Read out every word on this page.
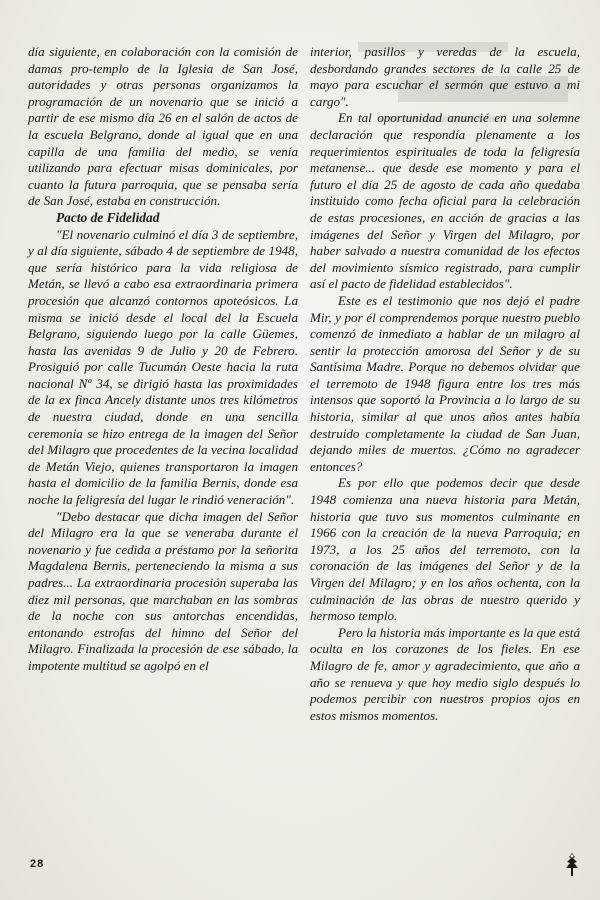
día siguiente, en colaboración con la comisión de damas pro-templo de la Iglesia de San José, autoridades y otras personas organizamos la programación de un novenario que se inició a partir de ese mismo día 26 en el salón de actos de la escuela Belgrano, donde al igual que en una capilla de una familia del medio, se venía utilizando para efectuar misas dominicales, por cuanto la futura parroquia, que se pensaba sería de San José, estaba en construcción.

Pacto de Fidelidad

"El novenario culminó el día 3 de septiembre, y al día siguiente, sábado 4 de septiembre de 1948, que sería histórico para la vida religiosa de Metán, se llevó a cabo esa extraordinaria primera procesión que alcanzó contornos apoteósicos. La misma se inició desde el local del la Escuela Belgrano, siguiendo luego por la calle Güemes, hasta las avenidas 9 de Julio y 20 de Febrero. Prosiguió por calle Tucumán Oeste hacia la ruta nacional Nº 34, se dirigió hasta las proximidades de la ex finca Ancely distante unos tres kilómetros de nuestra ciudad, donde en una sencilla ceremonia se hizo entrega de la imagen del Señor del Milagro que procedentes de la vecina localidad de Metán Viejo, quienes transportaron la imagen hasta el domicilio de la familia Bernis, donde esa noche la feligresía del lugar le rindió veneración".

"Debo destacar que dicha imagen del Señor del Milagro era la que se veneraba durante el novenario y fue cedida a préstamo por la señorita Magdalena Bernis, perteneciendo la misma a sus padres... La extraordinaria procesión superaba las diez mil personas, que marchaban en las sombras de la noche con sus antorchas encendidas, entonando estrofas del himno del Señor del Milagro. Finalizada la procesión de ese sábado, la impotente multitud se agolpó en el

interior, pasillos y veredas de la escuela, desbordando grandes sectores de la calle 25 de mayo para escuchar el sermón que estuvo a mi cargo".

En tal oportunidad anuncié en una solemne declaración que respondía plenamente a los requerimientos espirituales de toda la feligresía metanense... que desde ese momento y para el futuro el día 25 de agosto de cada año quedaba instituido como fecha oficial para la celebración de estas procesiones, en acción de gracias a las imágenes del Señor y Virgen del Milagro, por haber salvado a nuestra comunidad de los efectos del movimiento sísmico registrado, para cumplir así el pacto de fidelidad establecidos".

Este es el testimonio que nos dejó el padre Mir, y por él comprendemos porque nuestro pueblo comenzó de inmediato a hablar de un milagro al sentir la protección amorosa del Señor y de su Santísima Madre. Porque no debemos olvidar que el terremoto de 1948 figura entre los tres más intensos que soportó la Provincia a lo largo de su historia, similar al que unos años antes había destruido completamente la ciudad de San Juan, dejando miles de muertos. ¿Cómo no agradecer entonces?

Es por ello que podemos decir que desde 1948 comienza una nueva historia para Metán, historia que tuvo sus momentos culminante en 1966 con la creación de la nueva Parroquia; en 1973, a los 25 años del terremoto, con la coronación de las imágenes del Señor y de la Virgen del Milagro; y en los años ochenta, con la culminación de las obras de nuestro querido y hermoso templo.

Pero la historia más importante es la que está oculta en los corazones de los fieles. En ese Milagro de fe, amor y agradecimiento, que año a año se renueva y que hoy medio siglo después lo podemos percibir con nuestros propios ojos en estos mismos momentos.

28
